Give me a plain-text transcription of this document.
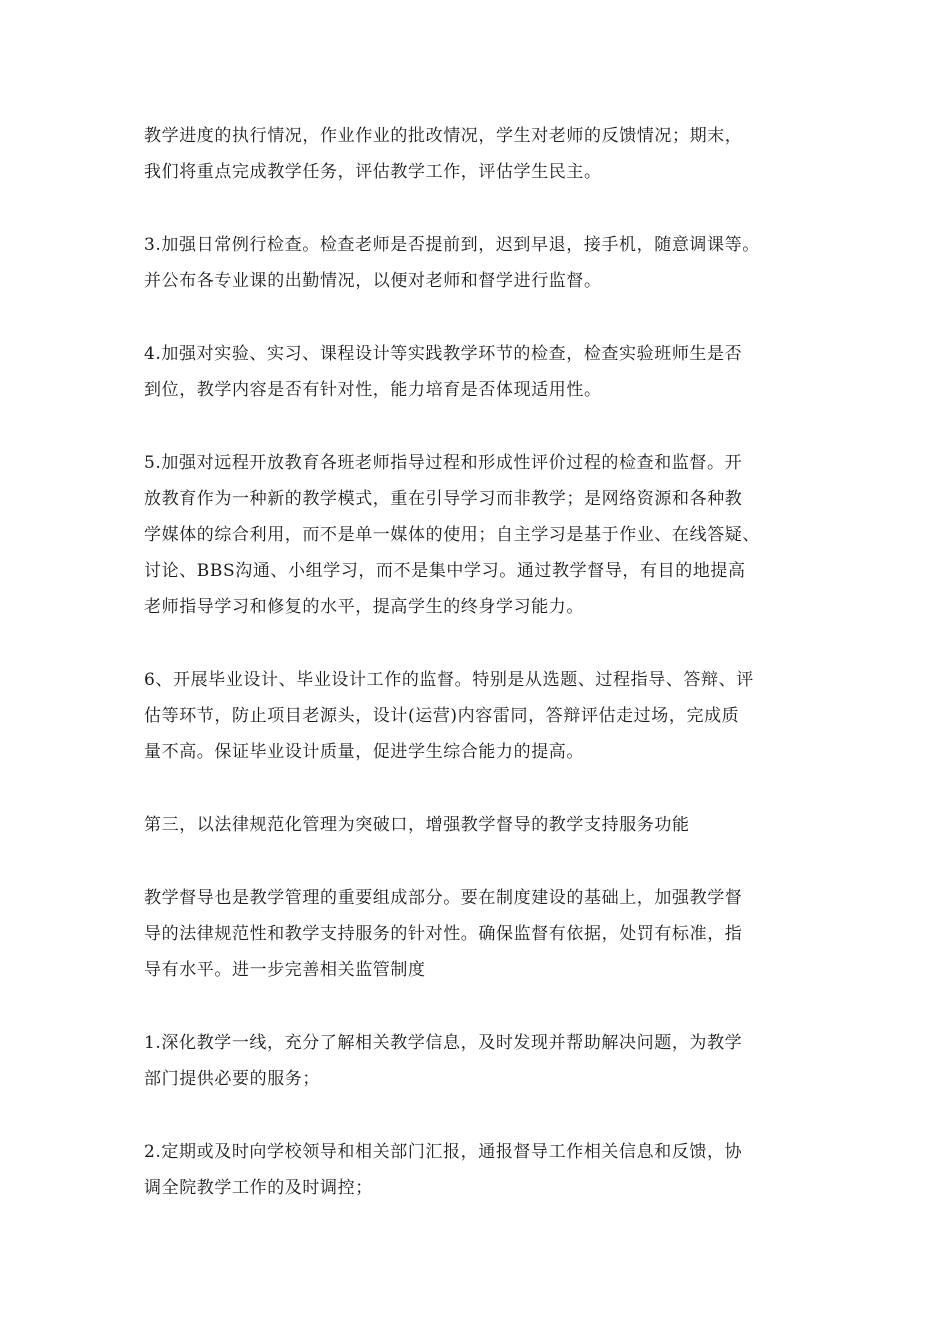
教学进度的执行情况，作业作业的批改情况，学生对老师的反馈情况；期末，
我们将重点完成教学任务，评估教学工作，评估学生民主。

3.加强日常例行检查。检查老师是否提前到，迟到早退，接手机，随意调课等。
并公布各专业课的出勤情况，以便对老师和督学进行监督。

4.加强对实验、实习、课程设计等实践教学环节的检查，检查实验班师生是否
到位，教学内容是否有针对性，能力培育是否体现适用性。

5.加强对远程开放教育各班老师指导过程和形成性评价过程的检查和监督。开
放教育作为一种新的教学模式，重在引导学习而非教学；是网络资源和各种教
学媒体的综合利用，而不是单一媒体的使用；自主学习是基于作业、在线答疑、
讨论、BBS沟通、小组学习，而不是集中学习。通过教学督导，有目的地提高
老师指导学习和修复的水平，提高学生的终身学习能力。

6、开展毕业设计、毕业设计工作的监督。特别是从选题、过程指导、答辩、评
估等环节，防止项目老源头，设计(运营)内容雷同，答辩评估走过场，完成质
量不高。保证毕业设计质量，促进学生综合能力的提高。

第三，以法律规范化管理为突破口，增强教学督导的教学支持服务功能

教学督导也是教学管理的重要组成部分。要在制度建设的基础上，加强教学督
导的法律规范性和教学支持服务的针对性。确保监督有依据，处罚有标准，指
导有水平。进一步完善相关监管制度

1.深化教学一线，充分了解相关教学信息，及时发现并帮助解决问题，为教学
部门提供必要的服务；

2.定期或及时向学校领导和相关部门汇报，通报督导工作相关信息和反馈，协
调全院教学工作的及时调控；
